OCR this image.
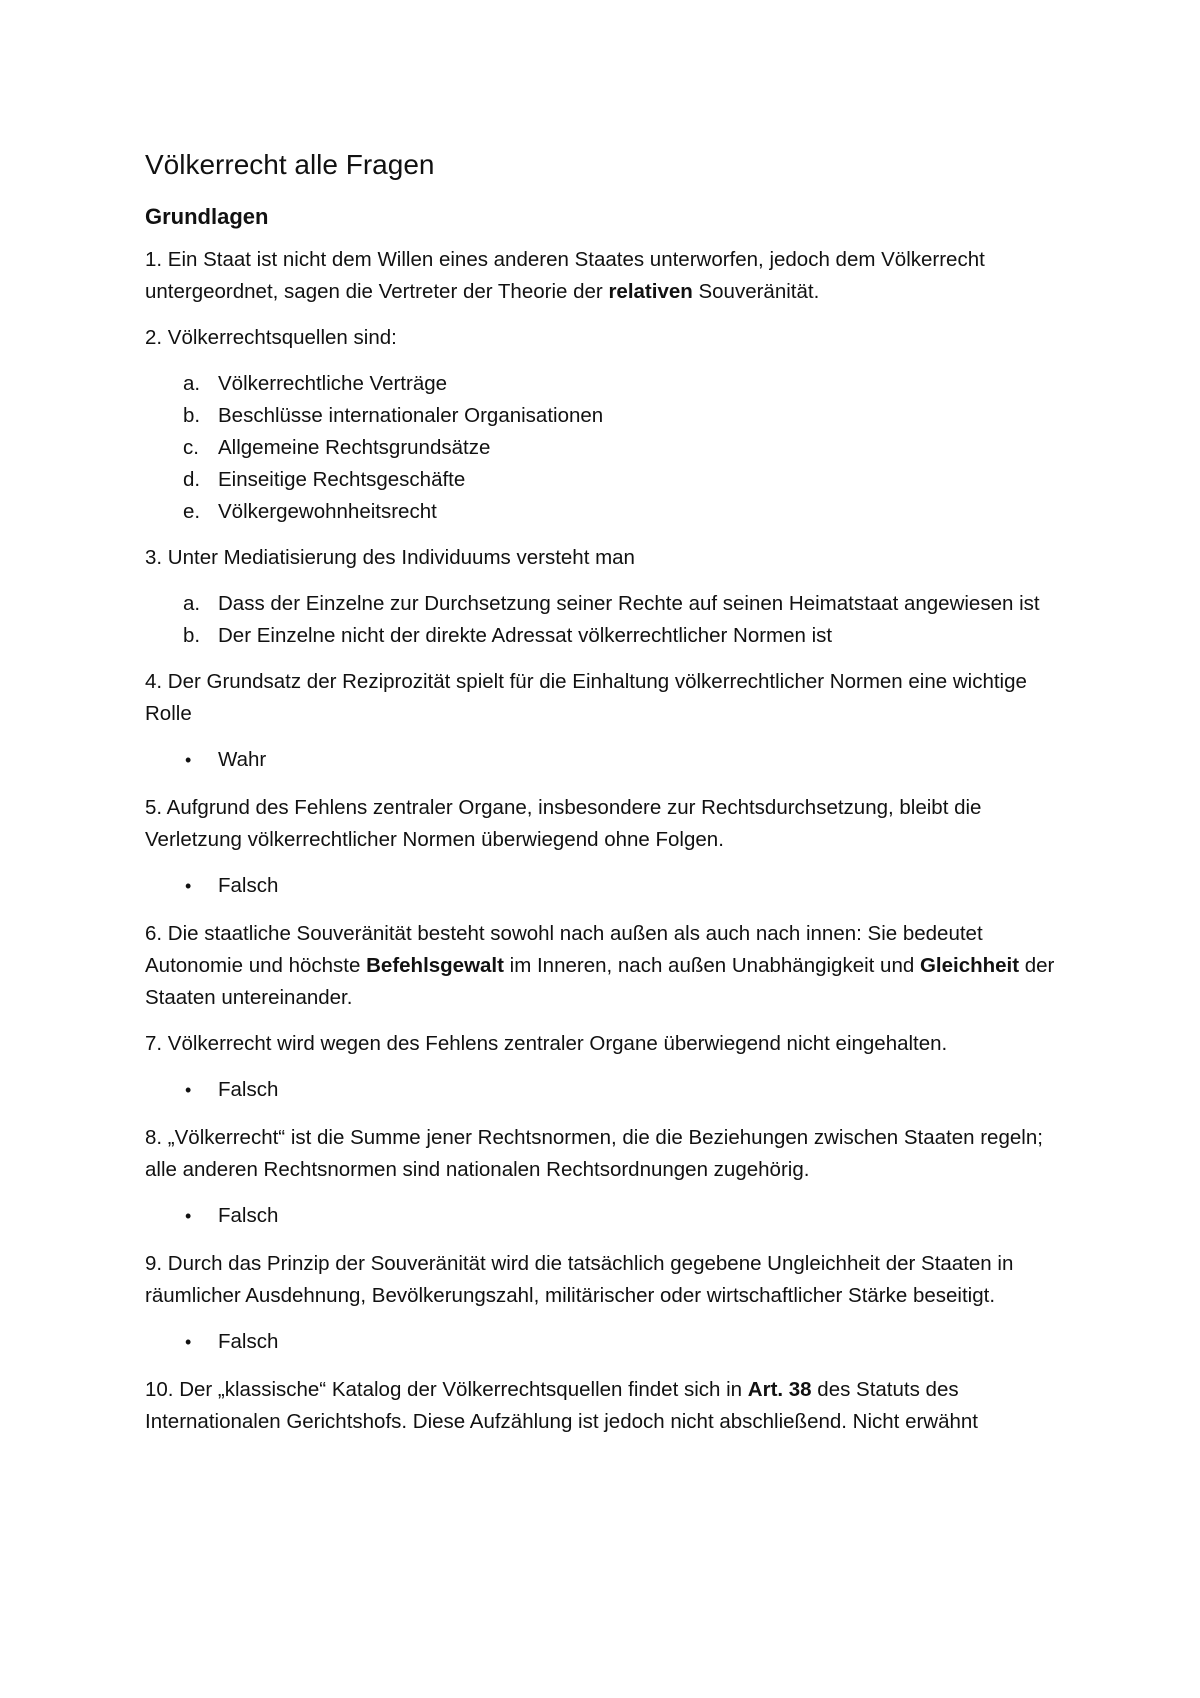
Völkerrecht alle Fragen
Grundlagen

1. Ein Staat ist nicht dem Willen eines anderen Staates unterworfen, jedoch dem Völkerrecht untergeordnet, sagen die Vertreter der Theorie der relativen Souveränität.

2. Völkerrechtsquellen sind:

a. Völkerrechtliche Verträge
b. Beschlüsse internationaler Organisationen
c. Allgemeine Rechtsgrundsätze
d. Einseitige Rechtsgeschäfte
e. Völkergewohnheitsrecht

3. Unter Mediatisierung des Individuums versteht man

a. Dass der Einzelne zur Durchsetzung seiner Rechte auf seinen Heimatstaat angewiesen ist
b. Der Einzelne nicht der direkte Adressat völkerrechtlicher Normen ist

4. Der Grundsatz der Reziprozität spielt für die Einhaltung völkerrechtlicher Normen eine wichtige Rolle

• Wahr

5. Aufgrund des Fehlens zentraler Organe, insbesondere zur Rechtsdurchsetzung, bleibt die Verletzung völkerrechtlicher Normen überwiegend ohne Folgen.

• Falsch

6. Die staatliche Souveränität besteht sowohl nach außen als auch nach innen: Sie bedeutet Autonomie und höchste Befehlsgewalt im Inneren, nach außen Unabhängigkeit und Gleichheit der Staaten untereinander.

7. Völkerrecht wird wegen des Fehlens zentraler Organe überwiegend nicht eingehalten.

• Falsch

8. „Völkerrecht“ ist die Summe jener Rechtsnormen, die die Beziehungen zwischen Staaten regeln; alle anderen Rechtsnormen sind nationalen Rechtsordnungen zugehörig.

• Falsch

9. Durch das Prinzip der Souveränität wird die tatsächlich gegebene Ungleichheit der Staaten in räumlicher Ausdehnung, Bevölkerungszahl, militärischer oder wirtschaftlicher Stärke beseitigt.

• Falsch

10. Der „klassische“ Katalog der Völkerrechtsquellen findet sich in Art. 38 des Statuts des Internationalen Gerichtshofs. Diese Aufzählung ist jedoch nicht abschließend. Nicht erwähnt
